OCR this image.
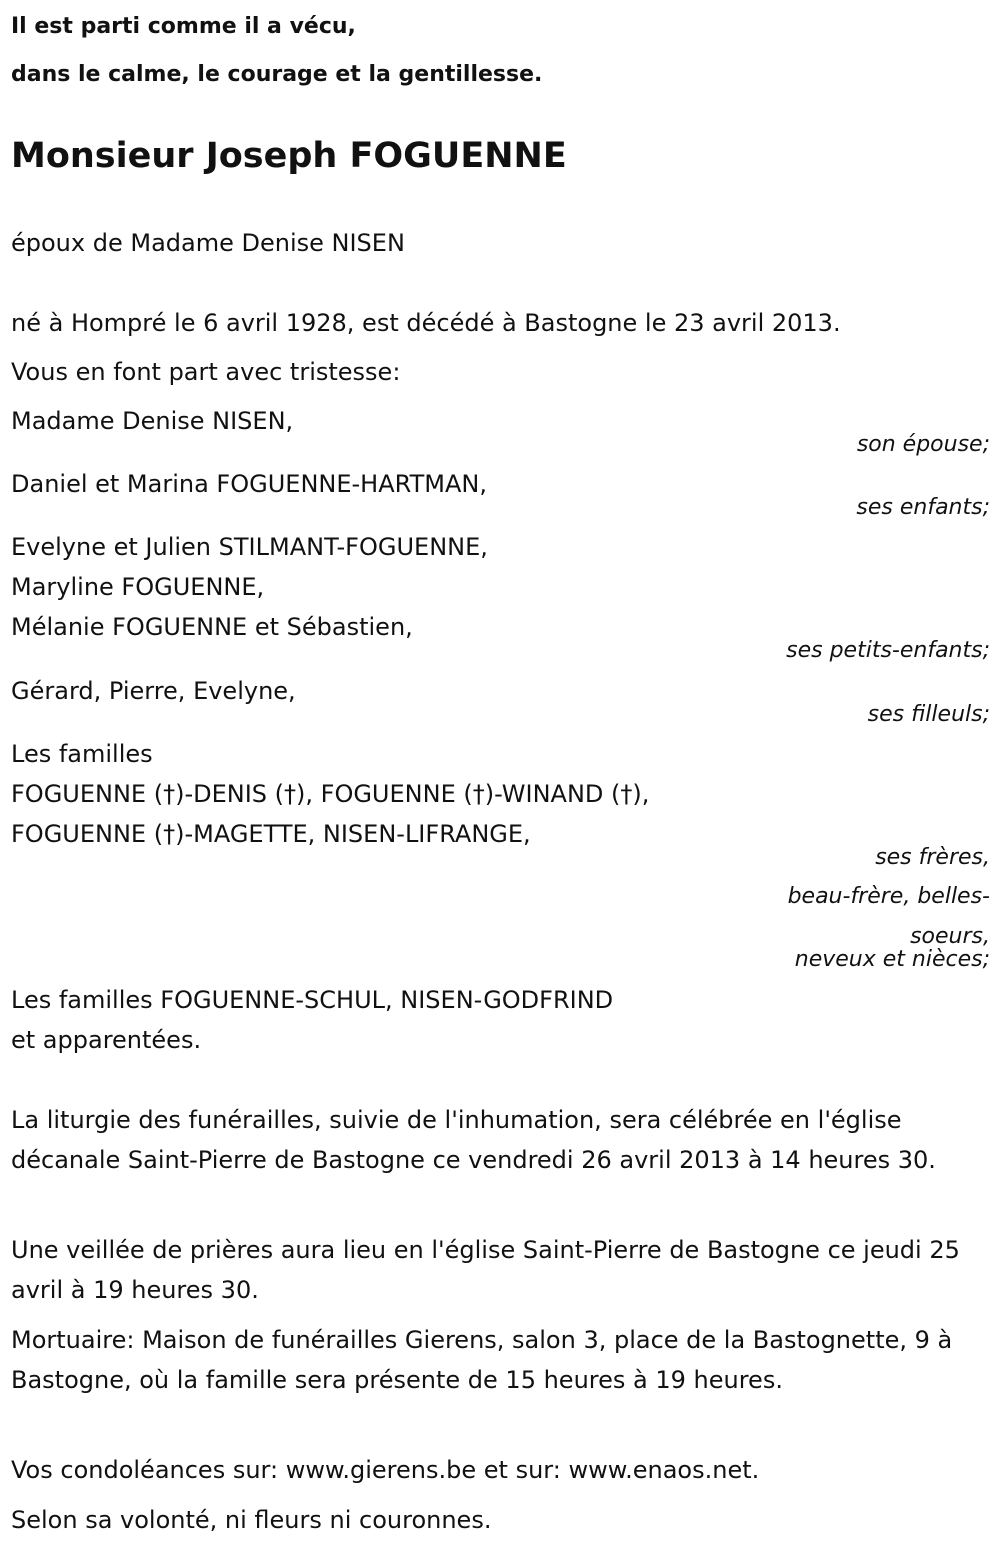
Il est parti comme il a vécu,
dans le calme, le courage et la gentillesse.
Monsieur Joseph FOGUENNE
époux de Madame Denise NISEN
né à Hompré le 6 avril 1928, est décédé à Bastogne le 23 avril 2013.
Vous en font part avec tristesse:
Madame Denise NISEN,
son épouse;
Daniel et Marina FOGUENNE-HARTMAN,
ses enfants;
Evelyne et Julien STILMANT-FOGUENNE,
Maryline FOGUENNE,
Mélanie FOGUENNE et Sébastien,
ses petits-enfants;
Gérard, Pierre, Evelyne,
ses filleuls;
Les familles
FOGUENNE (†)-DENIS (†), FOGUENNE (†)-WINAND (†),
FOGUENNE (†)-MAGETTE, NISEN-LIFRANGE,
ses frères,
beau-frère, belles-
soeurs,
neveux et nièces;
Les familles FOGUENNE-SCHUL, NISEN-GODFRIND
et apparentées.
La liturgie des funérailles, suivie de l'inhumation, sera célébrée en l'église décanale Saint-Pierre de Bastogne ce vendredi 26 avril 2013 à 14 heures 30.
Une veillée de prières aura lieu en l'église Saint-Pierre de Bastogne ce jeudi 25 avril à 19 heures 30.
Mortuaire: Maison de funérailles Gierens, salon 3, place de la Bastognette, 9 à Bastogne, où la famille sera présente de 15 heures à 19 heures.
Vos condoléances sur: www.gierens.be et sur: www.enaos.net.
Selon sa volonté, ni fleurs ni couronnes.
